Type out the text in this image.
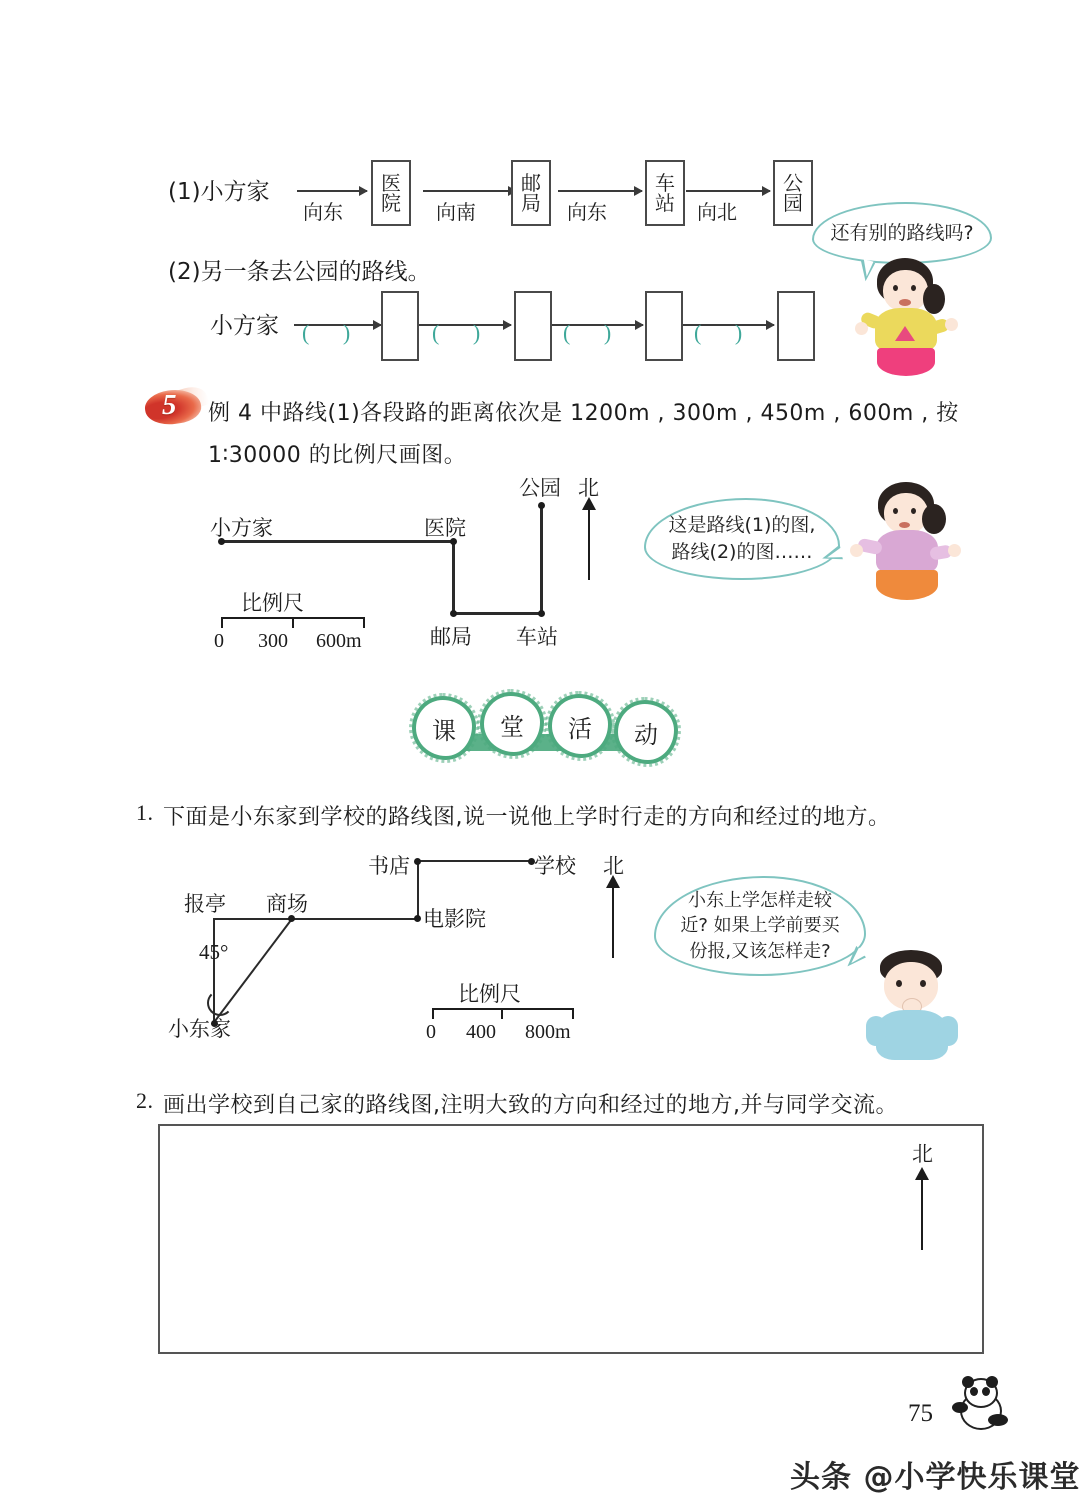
(1)小方家
向东	向南	向东	向北
医
院
邮
局
车
站
公
园
还有别的路线吗?
(2)另一条去公园的路线。
小方家 ( )	( )	( )	( )
5 例 4 中路线(1)各段路的距离依次是 1200m , 300m , 450m , 600m , 按
1∶30000 的比例尺画图。
小方家	医院
邮局 车站
公园 北
比例尺
0 300 600m
这是路线(1)的图,
路线(2)的图……
课 堂 活 动
1. 下面是小东家到学校的路线图,说一说他上学时行走的方向和经过的地方。
报亭 商场
书店	学校
电影院
小东家
北
45°
比例尺
0 400 800m
小东上学怎样走较
近? 如果上学前要买
份报,又该怎样走?
2. 画出学校到自己家的路线图,注明大致的方向和经过的地方,并与同学交流。
北
75
头条 @小学快乐课堂
